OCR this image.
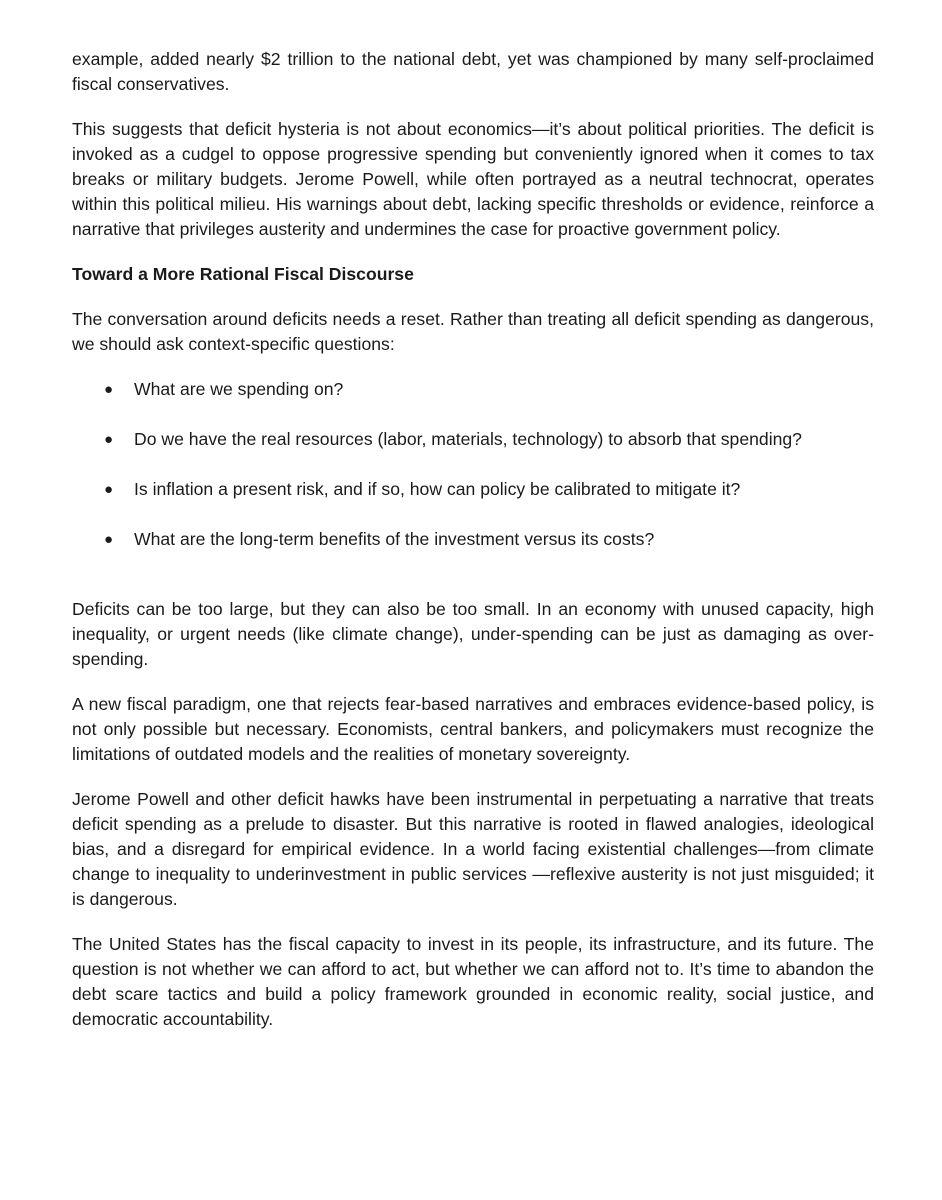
example, added nearly $2 trillion to the national debt, yet was championed by many self-proclaimed fiscal conservatives.

This suggests that deficit hysteria is not about economics—it’s about political priorities. The deficit is invoked as a cudgel to oppose progressive spending but conveniently ignored when it comes to tax breaks or military budgets. Jerome Powell, while often portrayed as a neutral technocrat, operates within this political milieu. His warnings about debt, lacking specific thresholds or evidence, reinforce a narrative that privileges austerity and undermines the case for proactive government policy.

Toward a More Rational Fiscal Discourse

The conversation around deficits needs a reset. Rather than treating all deficit spending as dangerous, we should ask context-specific questions:

● What are we spending on?
● Do we have the real resources (labor, materials, technology) to absorb that spending?
● Is inflation a present risk, and if so, how can policy be calibrated to mitigate it?
● What are the long-term benefits of the investment versus its costs?

Deficits can be too large, but they can also be too small. In an economy with unused capacity, high inequality, or urgent needs (like climate change), under-spending can be just as damaging as over-spending.

A new fiscal paradigm, one that rejects fear-based narratives and embraces evidence-based policy, is not only possible but necessary. Economists, central bankers, and policymakers must recognize the limitations of outdated models and the realities of monetary sovereignty.

Jerome Powell and other deficit hawks have been instrumental in perpetuating a narrative that treats deficit spending as a prelude to disaster. But this narrative is rooted in flawed analogies, ideological bias, and a disregard for empirical evidence. In a world facing existential challenges—from climate change to inequality to underinvestment in public services —reflexive austerity is not just misguided; it is dangerous.

The United States has the fiscal capacity to invest in its people, its infrastructure, and its future. The question is not whether we can afford to act, but whether we can afford not to. It’s time to abandon the debt scare tactics and build a policy framework grounded in economic reality, social justice, and democratic accountability.
